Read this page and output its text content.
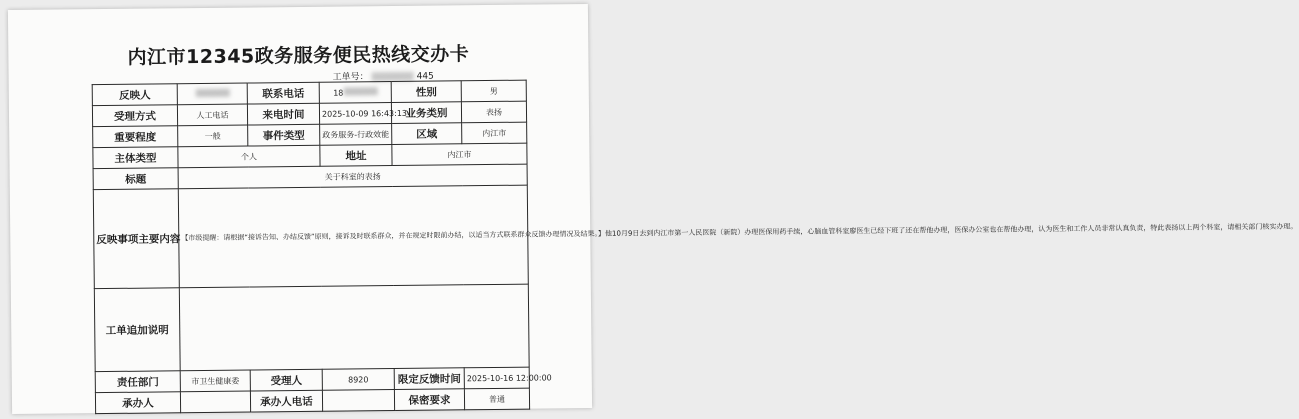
内江市12345政务服务便民热线交办卡
工单号：	445
反映人		联系电话	18	性别	男
受理方式	人工电话	来电时间	2025-10-09 16:43:13	业务类别	表扬
重要程度	一般	事件类型	政务服务-行政效能	区域	内江市
主体类型	个人		地址	内江市	
标题	关于科室的表扬				
反映事项主要内容	【市级提醒：请根据“接诉告知、办结反馈”原则，接诉及时联系群众，并在规定时限前办结，以适当方式联系群众反馈办理情况及结果。】他10月9日去到内江市第一人民医院（新院）办理医保用药手续，心脑血管科室廖医生已经下班了还在帮他办理，医保办公室也在帮他办理，认为医生和工作人员非常认真负责，特此表扬以上两个科室，请相关部门核实办理。				
工单追加说明					
责任部门	市卫生健康委	受理人	8920	限定反馈时间	2025-10-16 12:00:00
承办人		承办人电话		保密要求	普通
